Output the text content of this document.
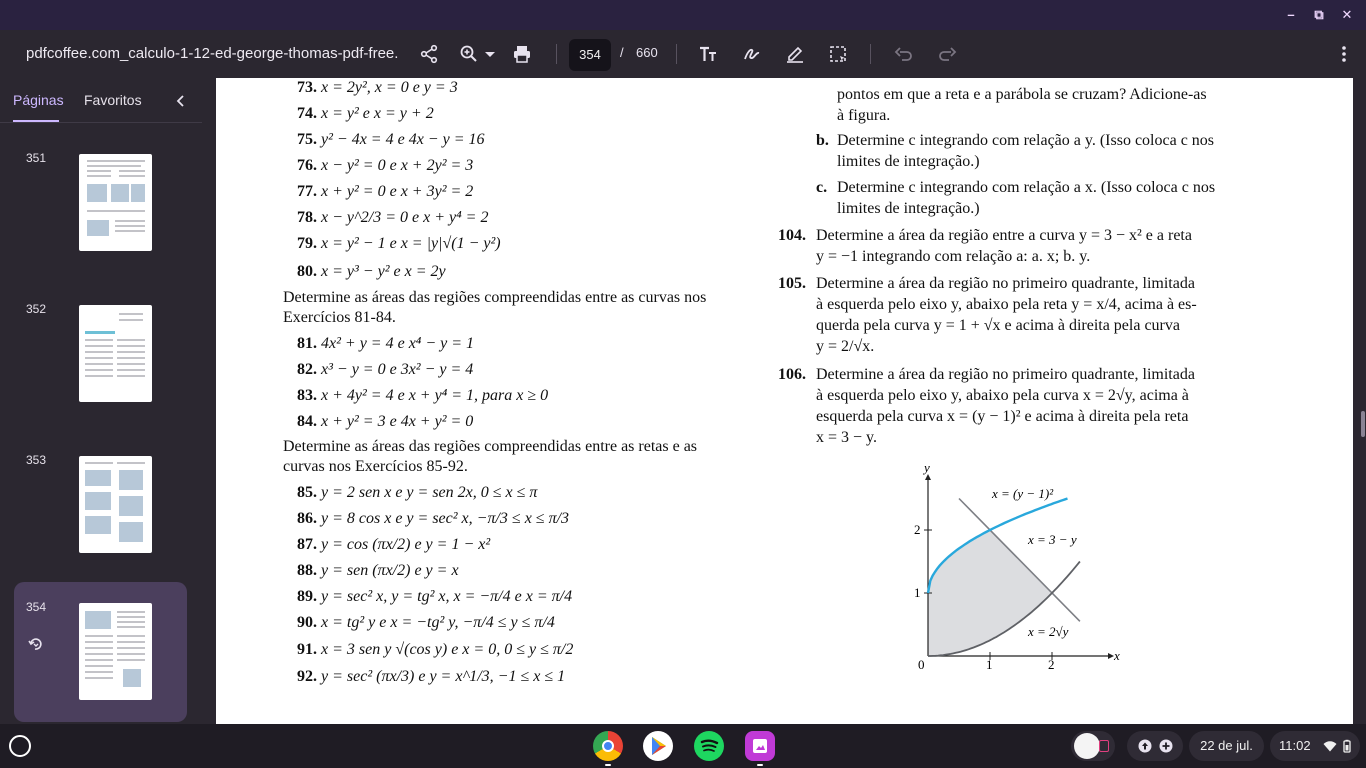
–	⧉	✕
pdfcoffee.com_calculo-1-12-ed-george-thomas-pdf-free.	354	/ 660
Páginas Favoritos
351
352
353
354
Determine as áreas das regiões compreendidas entre as curvas nos
Exercícios 81-84.
Determine as áreas das regiões compreendidas entre as retas e as
curvas nos Exercícios 85-92.
pontos em que a reta e a parábola se cruzam? Adicione-as
à figura.
b. Determine c integrando com relação a y. (Isso coloca c nos
limites de integração.)
c. Determine c integrando com relação a x. (Isso coloca c nos
limites de integração.)
104. Determine a área da região entre a curva y = 3 − x² e a reta
y = −1 integrando com relação a: a. x; b. y.
105. Determine a área da região no primeiro quadrante, limitada
à esquerda pelo eixo y, abaixo pela reta y = x/4, acima à es-
querda pela curva y = 1 + √x e acima à direita pela curva
y = 2/√x.
106. Determine a área da região no primeiro quadrante, limitada
à esquerda pelo eixo y, abaixo pela curva x = 2√y, acima à
esquerda pela curva x = (y − 1)² e acima à direita pela reta
x = 3 − y.
y
x
0	1	2
1
2
x = (y − 1)²
x = 3 − y
x = 2√y
73. x = 2y², x = 0 e y = 3
74. x = y² e x = y + 2
75. y² − 4x = 4 e 4x − y = 16
76. x − y² = 0 e x + 2y² = 3
77. x + y² = 0 e x + 3y² = 2
78. x − y^2/3 = 0 e x + y⁴ = 2
79. x = y² − 1 e x = |y|√(1 − y²)
80. x = y³ − y² e x = 2y
81. 4x² + y = 4 e x⁴ − y = 1
82. x³ − y = 0 e 3x² − y = 4
83. x + 4y² = 4 e x + y⁴ = 1, para x ≥ 0
84. x + y² = 3 e 4x + y² = 0
85. y = 2 sen x e y = sen 2x, 0 ≤ x ≤ π
86. y = 8 cos x e y = sec² x, −π/3 ≤ x ≤ π/3
87. y = cos (πx/2) e y = 1 − x²
88. y = sen (πx/2) e y = x
89. y = sec² x, y = tg² x, x = −π/4 e x = π/4
90. x = tg² y e x = −tg² y, −π/4 ≤ y ≤ π/4
91. x = 3 sen y √(cos y) e x = 0, 0 ≤ y ≤ π/2
92. y = sec² (πx/3) e y = x^1/3, −1 ≤ x ≤ 1
22 de jul.	11:02
